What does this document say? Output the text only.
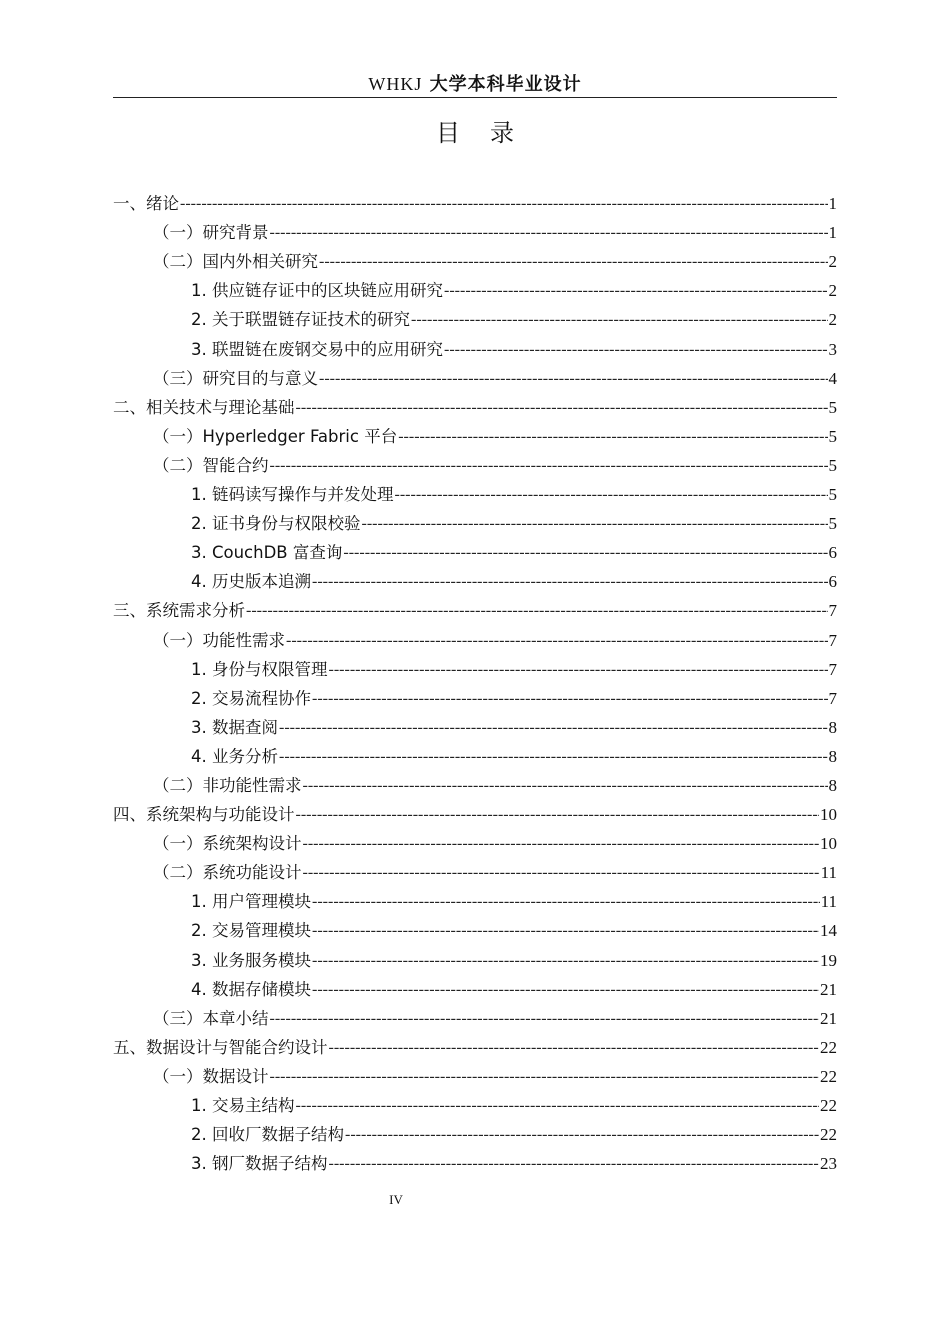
WHKJ 大学本科毕业设计
目录
一、绪论 -----	1
（一）研究背景 -----	1
（二）国内外相关研究 -----	2
1. 供应链存证中的区块链应用研究 -----	2
2. 关于联盟链存证技术的研究 -----	2
3. 联盟链在废钢交易中的应用研究 -----	3
（三）研究目的与意义 -----	4
二、相关技术与理论基础 -----	5
（一）Hyperledger Fabric 平台 -----	5
（二）智能合约 -----	5
1. 链码读写操作与并发处理 -----	5
2. 证书身份与权限校验 -----	5
3. CouchDB 富查询 -----	6
4. 历史版本追溯 -----	6
三、系统需求分析 -----	7
（一）功能性需求 -----	7
1. 身份与权限管理 -----	7
2. 交易流程协作 -----	7
3. 数据查阅 -----	8
4. 业务分析 -----	8
（二）非功能性需求 -----	8
四、系统架构与功能设计 -----	10
（一）系统架构设计 -----	10
（二）系统功能设计 -----	11
1. 用户管理模块 -----	11
2. 交易管理模块 -----	14
3. 业务服务模块 -----	19
4. 数据存储模块 -----	21
（三）本章小结 -----	21
五、数据设计与智能合约设计 -----	22
（一）数据设计 -----	22
1. 交易主结构 -----	22
2. 回收厂数据子结构 -----	22
3. 钢厂数据子结构 -----	23
IV
